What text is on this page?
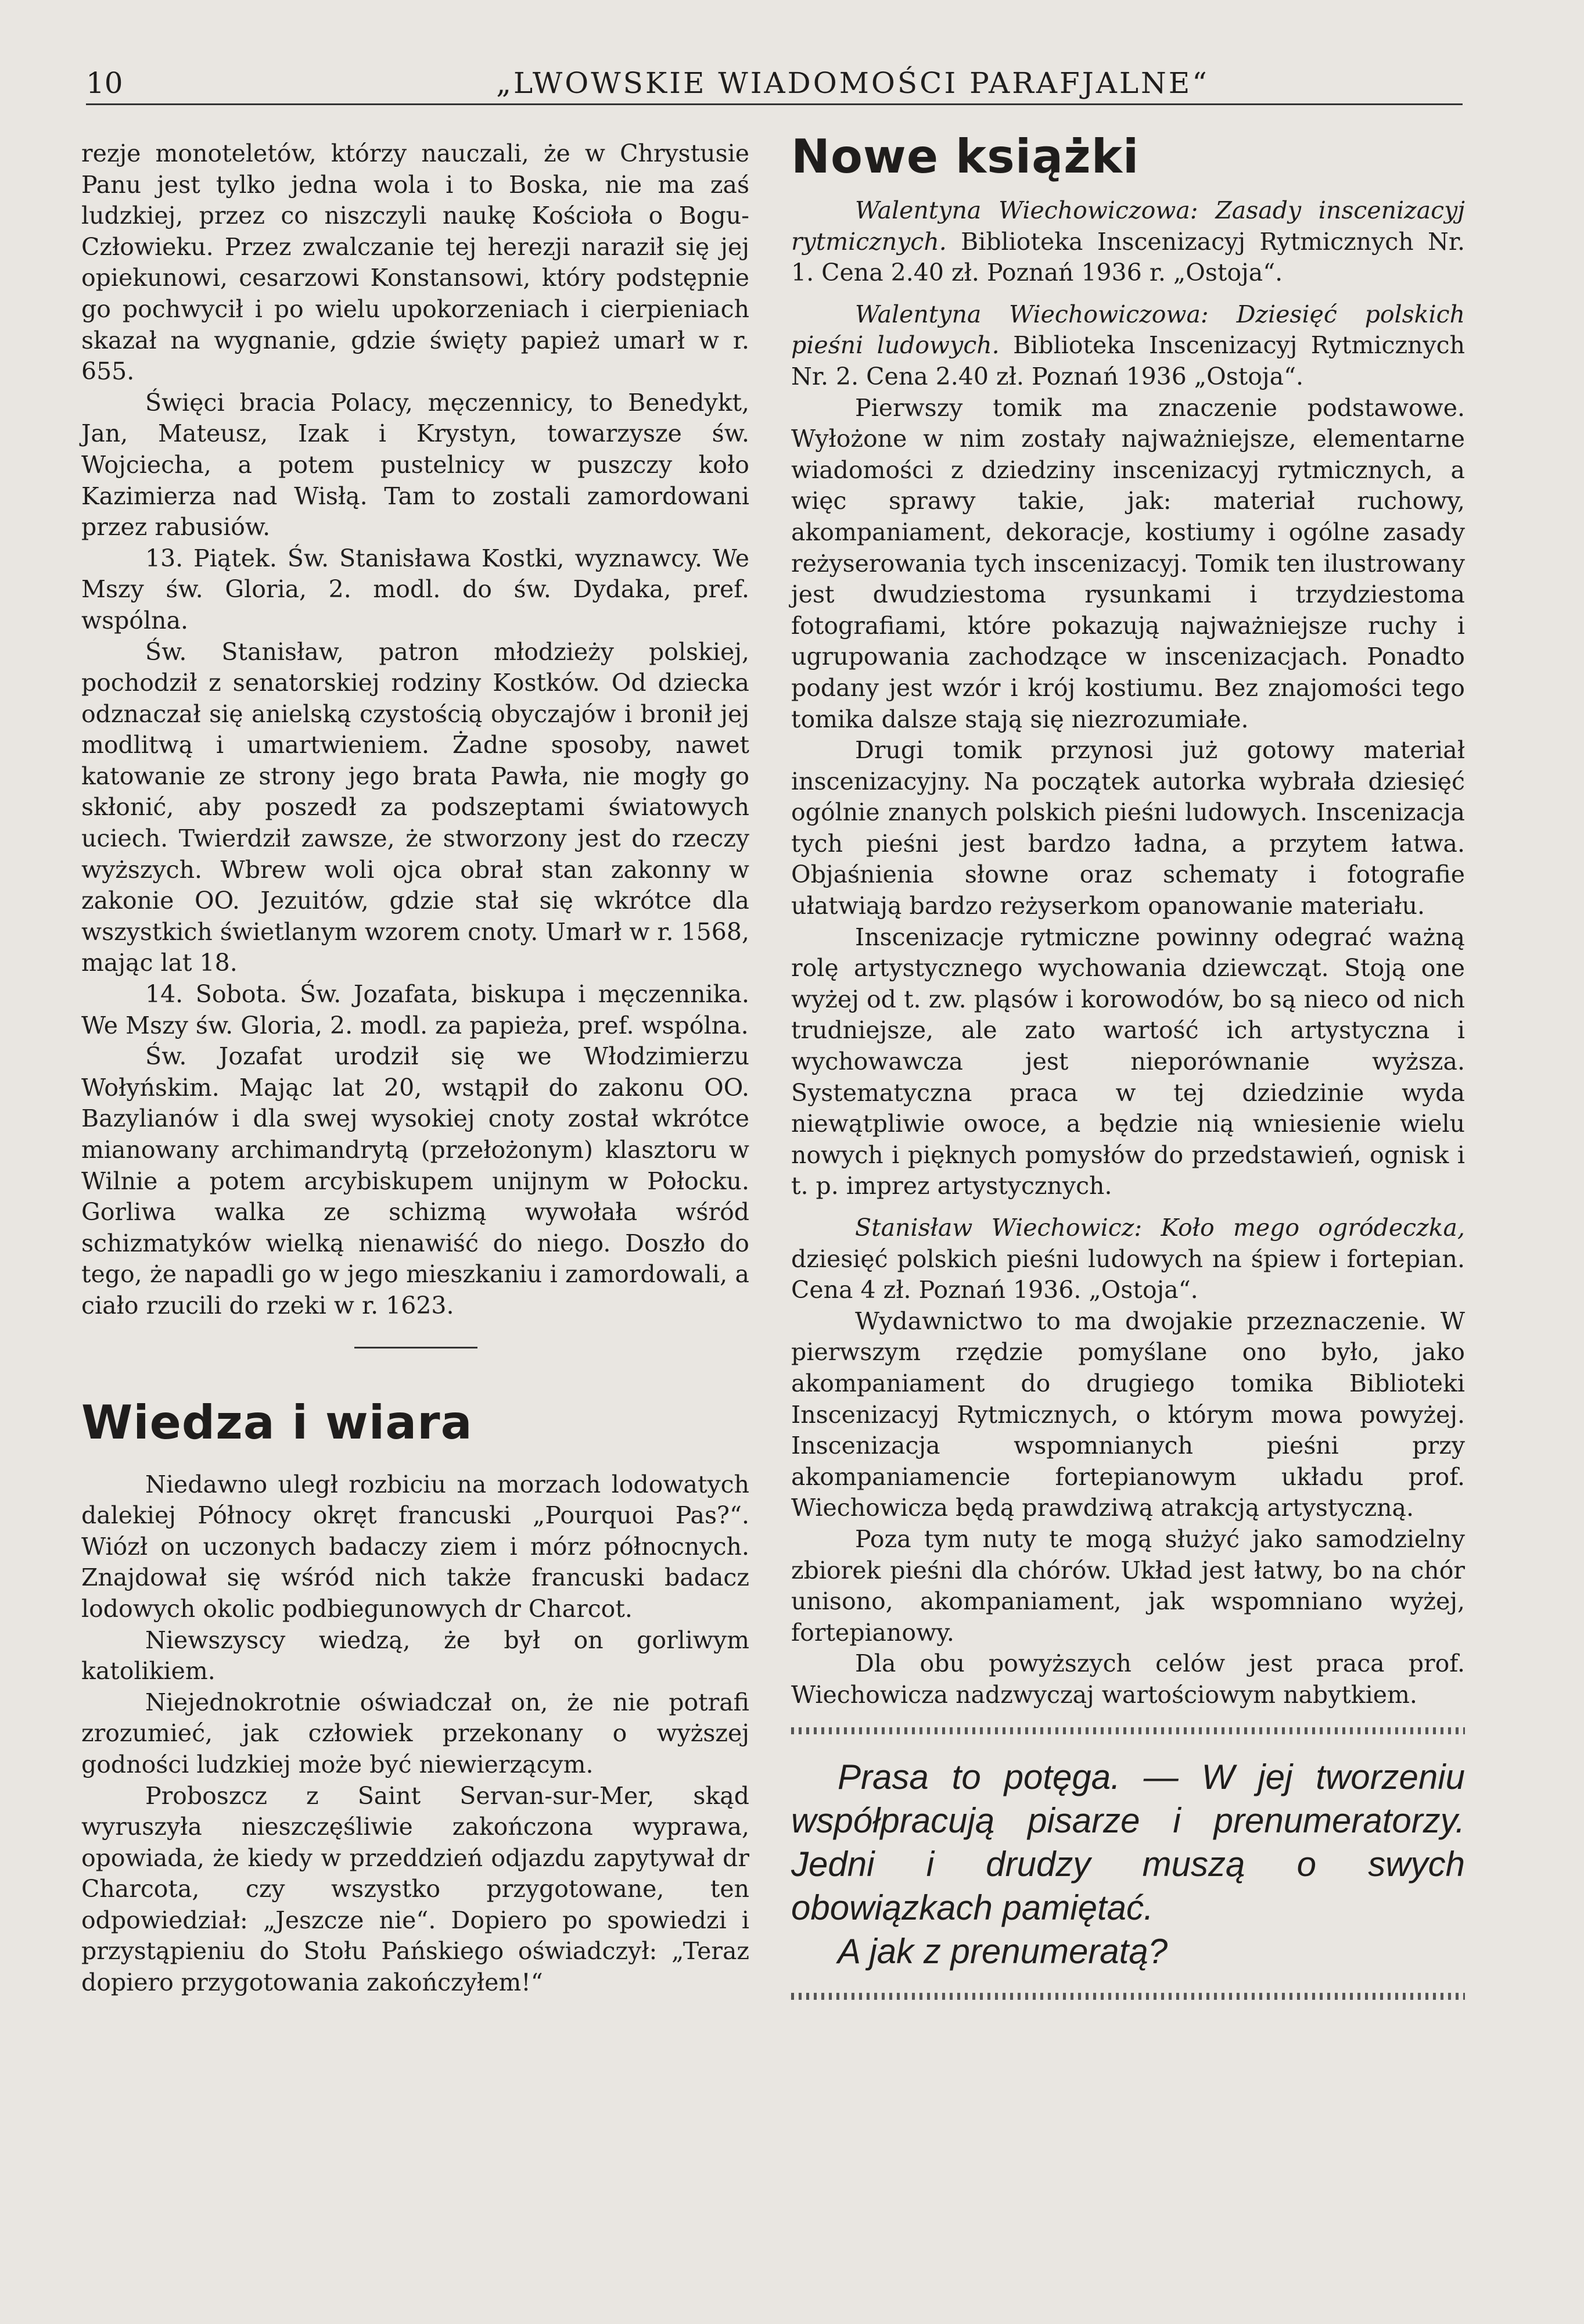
10	„LWOWSKIE WIADOMOŚCI PARAFJALNE“

rezje monoteletów, którzy nauczali, że w Chrystusie Panu jest tylko jedna wola i to Boska, nie ma zaś ludzkiej, przez co niszczyli naukę Kościoła o Bogu-Człowieku. Przez zwalczanie tej herezji naraził się jej opiekunowi, cesarzowi Konstansowi, który podstępnie go pochwycił i po wielu upokorzeniach i cierpieniach skazał na wygnanie, gdzie święty papież umarł w r. 655.

Święci bracia Polacy, męczennicy, to Benedykt, Jan, Mateusz, Izak i Krystyn, towarzysze św. Wojciecha, a potem pustelnicy w puszczy koło Kazimierza nad Wisłą. Tam to zostali zamordowani przez rabusiów.

13. Piątek. Św. Stanisława Kostki, wyznawcy. We Mszy św. Gloria, 2. modl. do św. Dydaka, pref. wspólna.

Św. Stanisław, patron młodzieży polskiej, pochodził z senatorskiej rodziny Kostków. Od dziecka odznaczał się anielską czystością obyczajów i bronił jej modlitwą i umartwieniem. Żadne sposoby, nawet katowanie ze strony jego brata Pawła, nie mogły go skłonić, aby poszedł za podszeptami światowych uciech. Twierdził zawsze, że stworzony jest do rzeczy wyższych. Wbrew woli ojca obrał stan zakonny w zakonie OO. Jezuitów, gdzie stał się wkrótce dla wszystkich świetlanym wzorem cnoty. Umarł w r. 1568, mając lat 18.

14. Sobota. Św. Jozafata, biskupa i męczennika. We Mszy św. Gloria, 2. modl. za papieża, pref. wspólna.

Św. Jozafat urodził się we Włodzimierzu Wołyńskim. Mając lat 20, wstąpił do zakonu OO. Bazylianów i dla swej wysokiej cnoty został wkrótce mianowany archimandrytą (przełożonym) klasztoru w Wilnie a potem arcybiskupem unijnym w Połocku. Gorliwa walka ze schizmą wywołała wśród schizmatyków wielką nienawiść do niego. Doszło do tego, że napadli go w jego mieszkaniu i zamordowali, a ciało rzucili do rzeki w r. 1623.

Wiedza i wiara

Niedawno uległ rozbiciu na morzach lodowatych dalekiej Północy okręt francuski „Pourquoi Pas?“. Wiózł on uczonych badaczy ziem i mórz północnych. Znajdował się wśród nich także francuski badacz lodowych okolic podbiegunowych dr Charcot.

Niewszyscy wiedzą, że był on gorliwym katolikiem.

Niejednokrotnie oświadczał on, że nie potrafi zrozumieć, jak człowiek przekonany o wyższej godności ludzkiej może być niewierzącym.

Proboszcz z Saint Servan-sur-Mer, skąd wyruszyła nieszczęśliwie zakończona wyprawa, opowiada, że kiedy w przeddzień odjazdu zapytywał dr Charcota, czy wszystko przygotowane, ten odpowiedział: „Jeszcze nie“. Dopiero po spowiedzi i przystąpieniu do Stołu Pańskiego oświadczył: „Teraz dopiero przygotowania zakończyłem!“

Nowe książki

Walentyna Wiechowiczowa: Zasady inscenizacyj rytmicznych. Biblioteka Inscenizacyj Rytmicznych Nr. 1. Cena 2.40 zł. Poznań 1936 r. „Ostoja“.

Walentyna Wiechowiczowa: Dziesięć polskich pieśni ludowych. Biblioteka Inscenizacyj Rytmicznych Nr. 2. Cena 2.40 zł. Poznań 1936 „Ostoja“.

Pierwszy tomik ma znaczenie podstawowe. Wyłożone w nim zostały najważniejsze, elementarne wiadomości z dziedziny inscenizacyj rytmicznych, a więc sprawy takie, jak: materiał ruchowy, akompaniament, dekoracje, kostiumy i ogólne zasady reżyserowania tych inscenizacyj. Tomik ten ilustrowany jest dwudziestoma rysunkami i trzydziestoma fotografiami, które pokazują najważniejsze ruchy i ugrupowania zachodzące w inscenizacjach. Ponadto podany jest wzór i krój kostiumu. Bez znajomości tego tomika dalsze stają się niezrozumiałe.

Drugi tomik przynosi już gotowy materiał inscenizacyjny. Na początek autorka wybrała dziesięć ogólnie znanych polskich pieśni ludowych. Inscenizacja tych pieśni jest bardzo ładna, a przytem łatwa. Objaśnienia słowne oraz schematy i fotografie ułatwiają bardzo reżyserkom opanowanie materiału.

Inscenizacje rytmiczne powinny odegrać ważną rolę artystycznego wychowania dziewcząt. Stoją one wyżej od t. zw. pląsów i korowodów, bo są nieco od nich trudniejsze, ale zato wartość ich artystyczna i wychowawcza jest nieporównanie wyższa. Systematyczna praca w tej dziedzinie wyda niewątpliwie owoce, a będzie nią wniesienie wielu nowych i pięknych pomysłów do przedstawień, ognisk i t. p. imprez artystycznych.

Stanisław Wiechowicz: Koło mego ogródeczka, dziesięć polskich pieśni ludowych na śpiew i fortepian. Cena 4 zł. Poznań 1936. „Ostoja“.

Wydawnictwo to ma dwojakie przeznaczenie. W pierwszym rzędzie pomyślane ono było, jako akompaniament do drugiego tomika Biblioteki Inscenizacyj Rytmicznych, o którym mowa powyżej. Inscenizacja wspomnianych pieśni przy akompaniamencie fortepianowym układu prof. Wiechowicza będą prawdziwą atrakcją artystyczną.

Poza tym nuty te mogą służyć jako samodzielny zbiorek pieśni dla chórów. Układ jest łatwy, bo na chór unisono, akompaniament, jak wspomniano wyżej, fortepianowy.

Dla obu powyższych celów jest praca prof. Wiechowicza nadzwyczaj wartościowym nabytkiem.

Prasa to potęga. — W jej tworzeniu współpracują pisarze i prenumeratorzy. Jedni i drudzy muszą o swych obowiązkach pamiętać.

A jak z prenumeratą?
